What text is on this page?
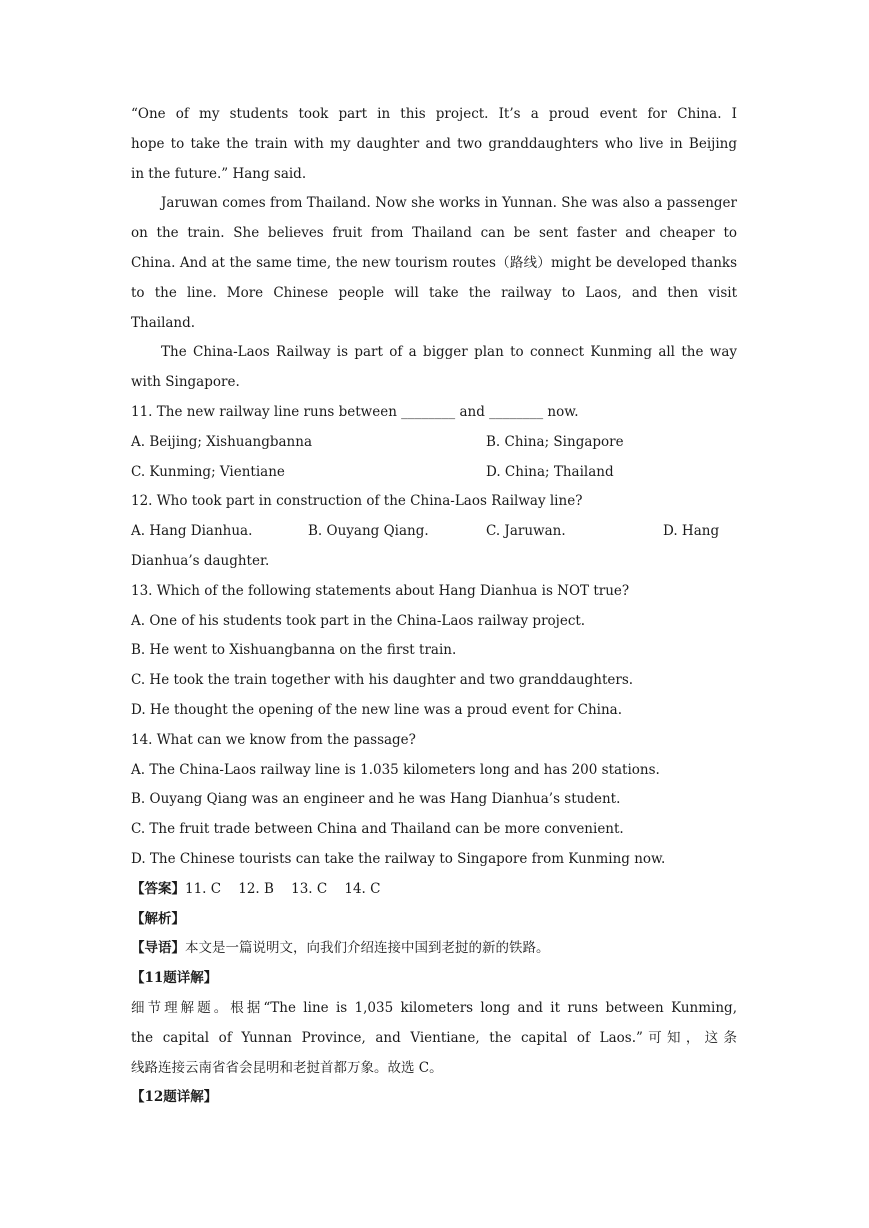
“One of my students took part in this project. It’s a proud event for China. I
hope to take the train with my daughter and two granddaughters who live in Beijing
in the future.” Hang said.
Jaruwan comes from Thailand. Now she works in Yunnan. She was also a passenger
on the train. She believes fruit from Thailand can be sent faster and cheaper to
China. And at the same time, the new tourism routes（路线）might be developed thanks
to the line. More Chinese people will take the railway to Laos, and then visit
Thailand.
The China-Laos Railway is part of a bigger plan to connect Kunming all the way
with Singapore.
11. The new railway line runs between ________ and ________ now.
A. Beijing; Xishuangbanna	B. China; Singapore
C. Kunming; Vientiane	D. China; Thailand
12. Who took part in construction of the China-Laos Railway line?
A. Hang Dianhua.	B. Ouyang Qiang.	C. Jaruwan.	D. Hang
Dianhua’s daughter.
13. Which of the following statements about Hang Dianhua is NOT true?
A. One of his students took part in the China-Laos railway project.
B. He went to Xishuangbanna on the first train.
C. He took the train together with his daughter and two granddaughters.
D. He thought the opening of the new line was a proud event for China.
14. What can we know from the passage?
A. The China-Laos railway line is 1.035 kilometers long and has 200 stations.
B. Ouyang Qiang was an engineer and he was Hang Dianhua’s student.
C. The fruit trade between China and Thailand can be more convenient.
D. The Chinese tourists can take the railway to Singapore from Kunming now.
【答案】11. C    12. B    13. C    14. C
【解析】
【导语】本文是一篇说明文，向我们介绍连接中国到老挝的新的铁路。
【11题详解】
细节理解题。根据“The line is 1,035 kilometers long and it runs between Kunming,
the capital of Yunnan Province, and Vientiane, the capital of Laos.”可知，这条
线路连接云南省省会昆明和老挝首都万象。故选 C。
【12题详解】
